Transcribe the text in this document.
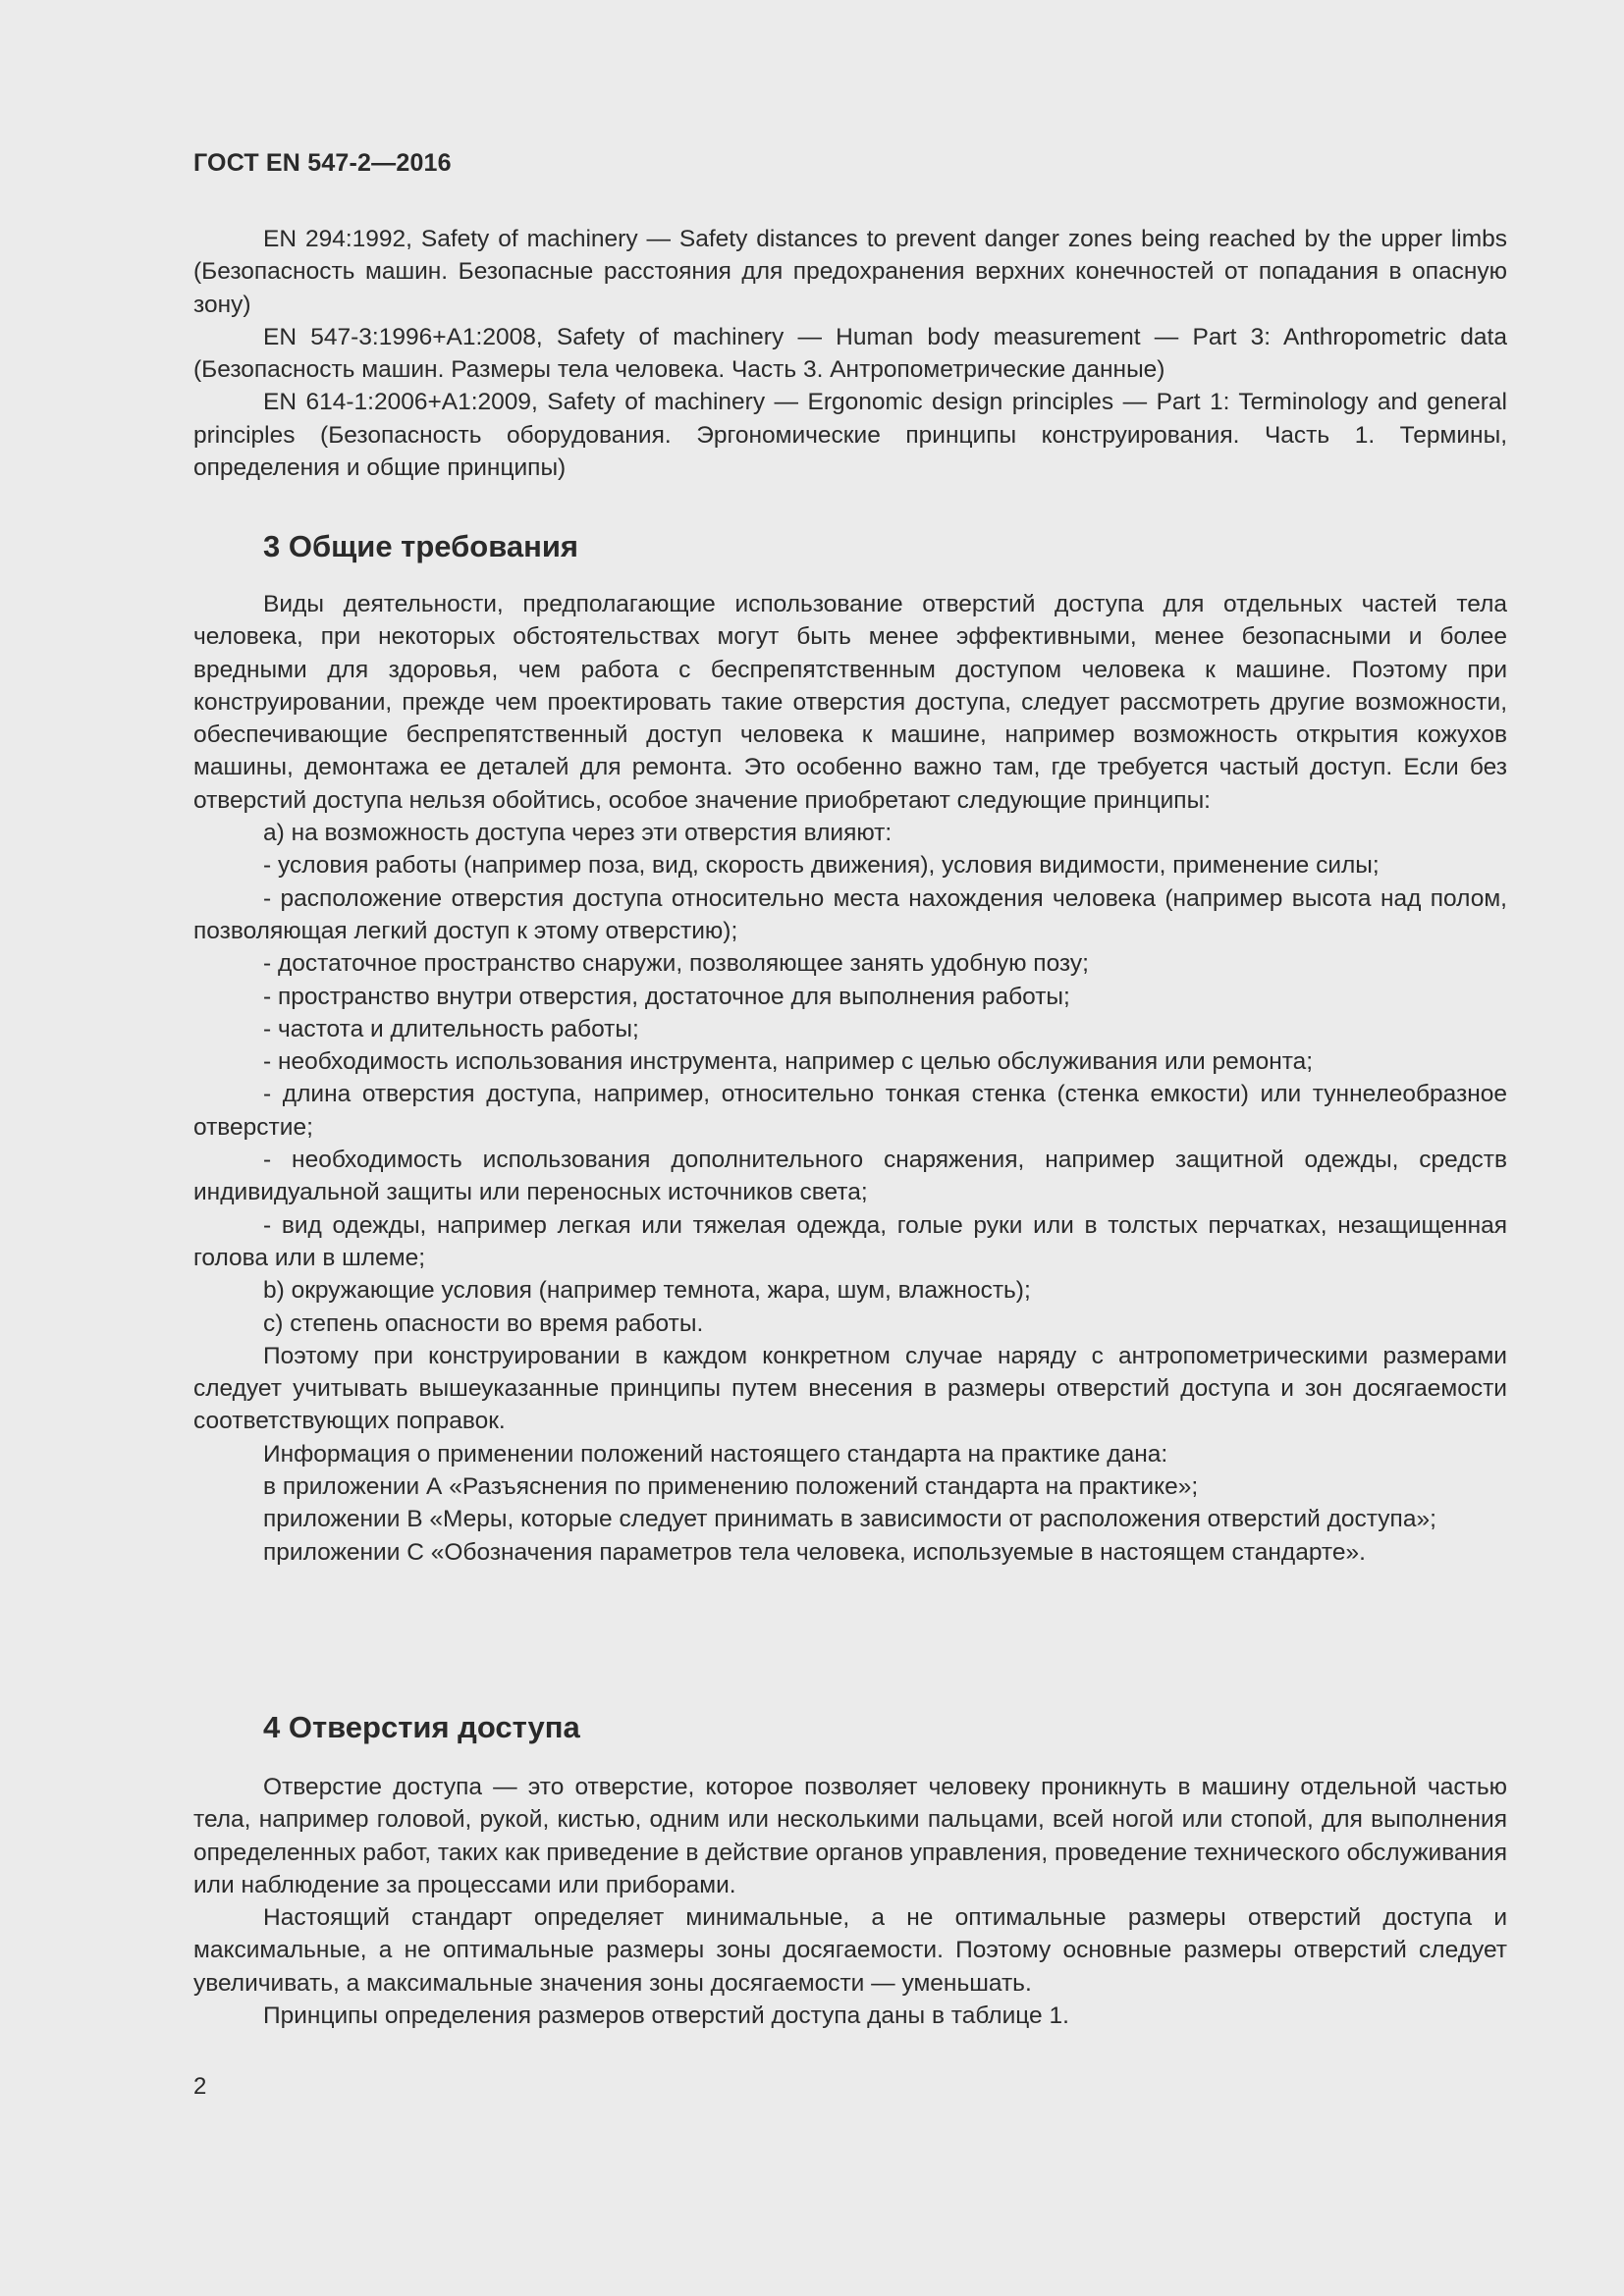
ГОСТ EN 547-2—2016

EN 294:1992, Safety of machinery — Safety distances to prevent danger zones being reached by the upper limbs (Безопасность машин. Безопасные расстояния для предохранения верхних конечностей от попадания в опасную зону)

EN 547-3:1996+A1:2008, Safety of machinery — Human body measurement — Part 3: Anthropometric data (Безопасность машин. Размеры тела человека. Часть 3. Антропометрические данные)

EN 614-1:2006+A1:2009, Safety of machinery — Ergonomic design principles — Part 1: Terminology and general principles (Безопасность оборудования. Эргономические принципы конструирования. Часть 1. Термины, определения и общие принципы)

3 Общие требования

Виды деятельности, предполагающие использование отверстий доступа для отдельных частей тела человека, при некоторых обстоятельствах могут быть менее эффективными, менее безопасными и более вредными для здоровья, чем работа с беспрепятственным доступом человека к машине. Поэтому при конструировании, прежде чем проектировать такие отверстия доступа, следует рассмотреть другие возможности, обеспечивающие беспрепятственный доступ человека к машине, например возможность открытия кожухов машины, демонтажа ее деталей для ремонта. Это особенно важно там, где требуется частый доступ. Если без отверстий доступа нельзя обойтись, особое значение приобретают следующие принципы:

a) на возможность доступа через эти отверстия влияют:

- условия работы (например поза, вид, скорость движения), условия видимости, применение силы;

- расположение отверстия доступа относительно места нахождения человека (например высота над полом, позволяющая легкий доступ к этому отверстию);

- достаточное пространство снаружи, позволяющее занять удобную позу;

- пространство внутри отверстия, достаточное для выполнения работы;

- частота и длительность работы;

- необходимость использования инструмента, например с целью обслуживания или ремонта;

- длина отверстия доступа, например, относительно тонкая стенка (стенка емкости) или туннелеобразное отверстие;

- необходимость использования дополнительного снаряжения, например защитной одежды, средств индивидуальной защиты или переносных источников света;

- вид одежды, например легкая или тяжелая одежда, голые руки или в толстых перчатках, незащищенная голова или в шлеме;

b) окружающие условия (например темнота, жара, шум, влажность);

c) степень опасности во время работы.

Поэтому при конструировании в каждом конкретном случае наряду с антропометрическими размерами следует учитывать вышеуказанные принципы путем внесения в размеры отверстий доступа и зон досягаемости соответствующих поправок.

Информация о применении положений настоящего стандарта на практике дана:

в приложении А «Разъяснения по применению положений стандарта на практике»;

приложении В «Меры, которые следует принимать в зависимости от расположения отверстий доступа»;

приложении С «Обозначения параметров тела человека, используемые в настоящем стандарте».

4 Отверстия доступа

Отверстие доступа — это отверстие, которое позволяет человеку проникнуть в машину отдельной частью тела, например головой, рукой, кистью, одним или несколькими пальцами, всей ногой или стопой, для выполнения определенных работ, таких как приведение в действие органов управления, проведение технического обслуживания или наблюдение за процессами или приборами.

Настоящий стандарт определяет минимальные, а не оптимальные размеры отверстий доступа и максимальные, а не оптимальные размеры зоны досягаемости. Поэтому основные размеры отверстий следует увеличивать, а максимальные значения зоны досягаемости — уменьшать.

Принципы определения размеров отверстий доступа даны в таблице 1.

2
